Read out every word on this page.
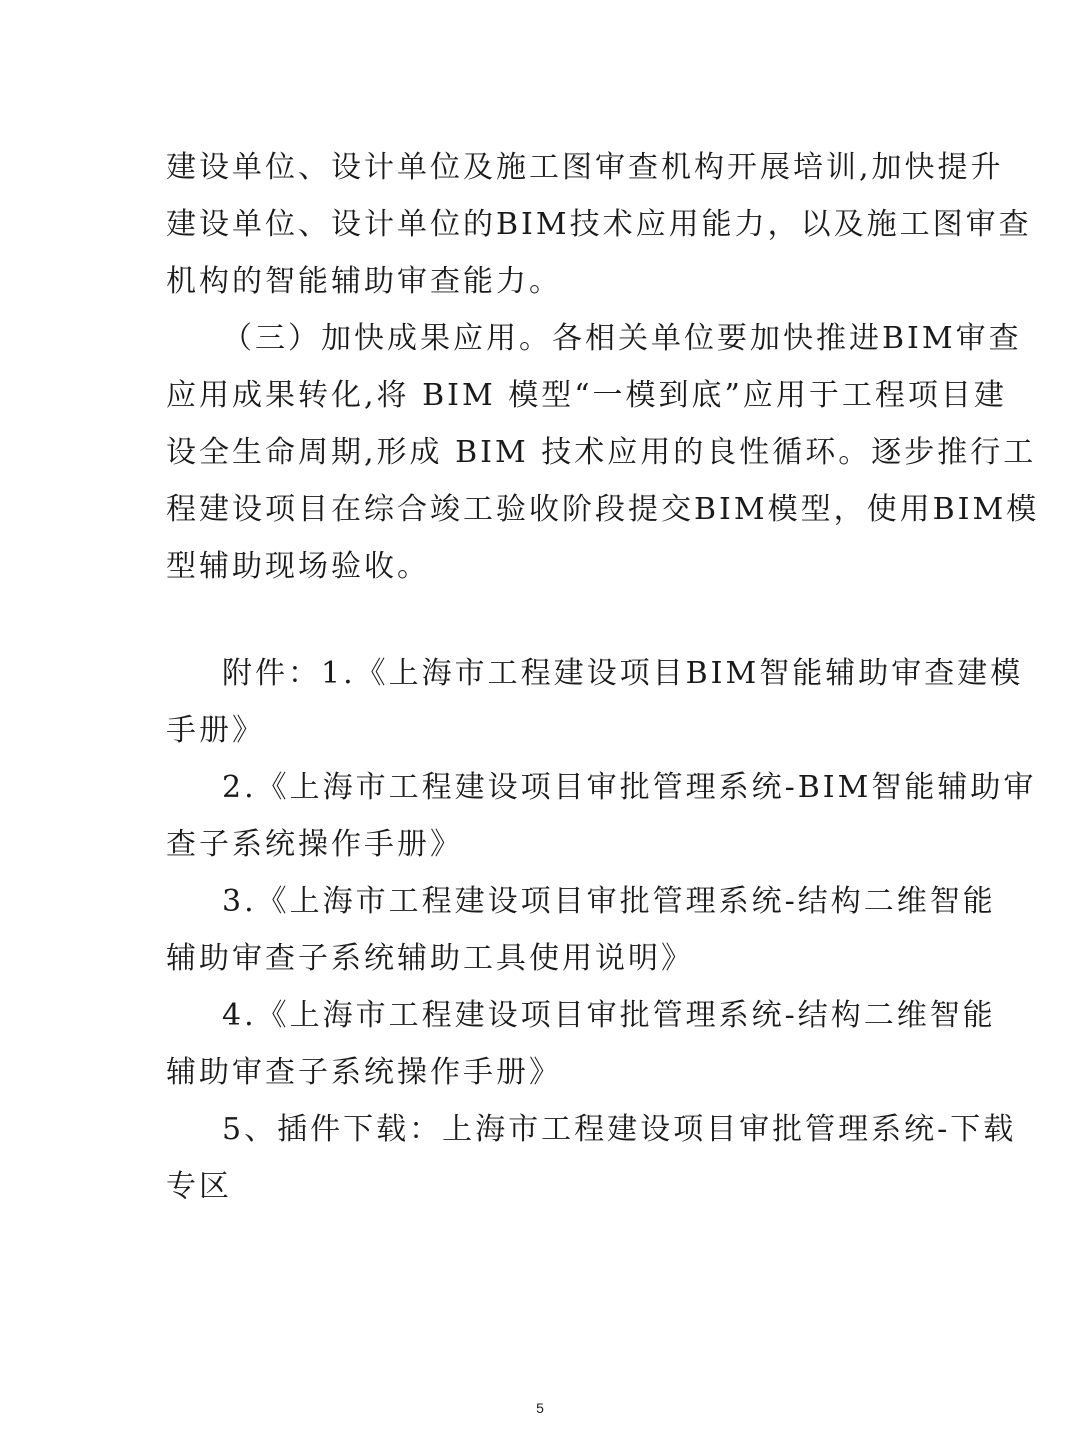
建设单位、设计单位及施工图审查机构开展培训,加快提升
建设单位、设计单位的BIM技术应用能力，以及施工图审查
机构的智能辅助审查能力。
（三）加快成果应用。各相关单位要加快推进BIM审查
应用成果转化,将 BIM 模型“一模到底”应用于工程项目建
设全生命周期,形成 BIM 技术应用的良性循环。逐步推行工
程建设项目在综合竣工验收阶段提交BIM模型，使用BIM模
型辅助现场验收。
附件：1.《上海市工程建设项目BIM智能辅助审查建模
手册》
2.《上海市工程建设项目审批管理系统-BIM智能辅助审
查子系统操作手册》
3.《上海市工程建设项目审批管理系统-结构二维智能
辅助审查子系统辅助工具使用说明》
4.《上海市工程建设项目审批管理系统-结构二维智能
辅助审查子系统操作手册》
5、插件下载：上海市工程建设项目审批管理系统-下载
专区
5
